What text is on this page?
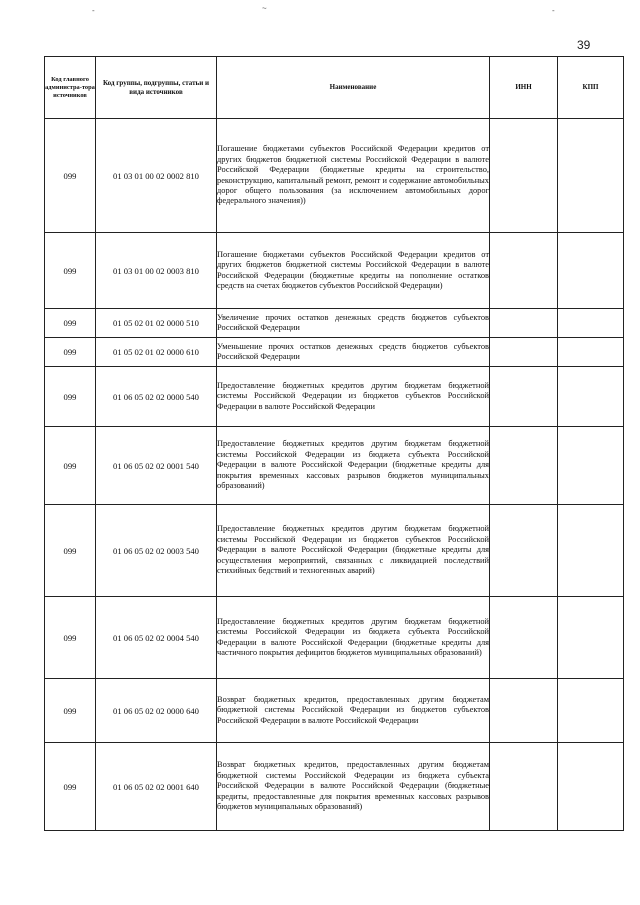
-	~	-
39
Код главного администра-тора источников	Код группы, подгруппы, статьи и вида источников	Наименование	ИНН	КПП
099	01 03 01 00 02 0002 810	Погашение бюджетами субъектов Российской Федерации кредитов от других бюджетов бюджетной системы Российской Федерации в валюте Российской Федерации (бюджетные кредиты на строительство, реконструкцию, капитальный ремонт, ремонт и содержание автомобильных дорог общего пользования (за исключением автомобильных дорог федерального значения))		

099	01 03 01 00 02 0003 810	Погашение бюджетами субъектов Российской Федерации кредитов от других бюджетов бюджетной системы Российской Федерации в валюте Российской Федерации (бюджетные кредиты на пополнение остатков средств на счетах бюджетов субъектов Российской Федерации)		

099	01 05 02 01 02 0000 510	Увеличение прочих остатков денежных средств бюджетов субъектов Российской Федерации		

099	01 05 02 01 02 0000 610	Уменьшение прочих остатков денежных средств бюджетов субъектов Российской Федерации		

099	01 06 05 02 02 0000 540	Предоставление бюджетных кредитов другим бюджетам бюджетной системы Российской Федерации из бюджетов субъектов Российской Федерации в валюте Российской Федерации		

099	01 06 05 02 02 0001 540	Предоставление бюджетных кредитов другим бюджетам бюджетной системы Российской Федерации из бюджета субъекта Российской Федерации в валюте Российской Федерации (бюджетные кредиты для покрытия временных кассовых разрывов бюджетов муниципальных образований)		

099	01 06 05 02 02 0003 540	Предоставление бюджетных кредитов другим бюджетам бюджетной системы Российской Федерации из бюджетов субъектов Российской Федерации в валюте Российской Федерации (бюджетные кредиты для осуществления мероприятий, связанных с ликвидацией последствий стихийных бедствий и техногенных аварий)		

099	01 06 05 02 02 0004 540	Предоставление бюджетных кредитов другим бюджетам бюджетной системы Российской Федерации из бюджета субъекта Российской Федерации в валюте Российской Федерации (бюджетные кредиты для частичного покрытия дефицитов бюджетов муниципальных образований)		

099	01 06 05 02 02 0000 640	Возврат бюджетных кредитов, предоставленных другим бюджетам бюджетной системы Российской Федерации из бюджетов субъектов Российской Федерации в валюте Российской Федерации		

099	01 06 05 02 02 0001 640	Возврат бюджетных кредитов, предоставленных другим бюджетам бюджетной системы Российской Федерации из бюджета субъекта Российской Федерации в валюте Российской Федерации (бюджетные кредиты, предоставленные для покрытия временных кассовых разрывов бюджетов муниципальных образований)		
